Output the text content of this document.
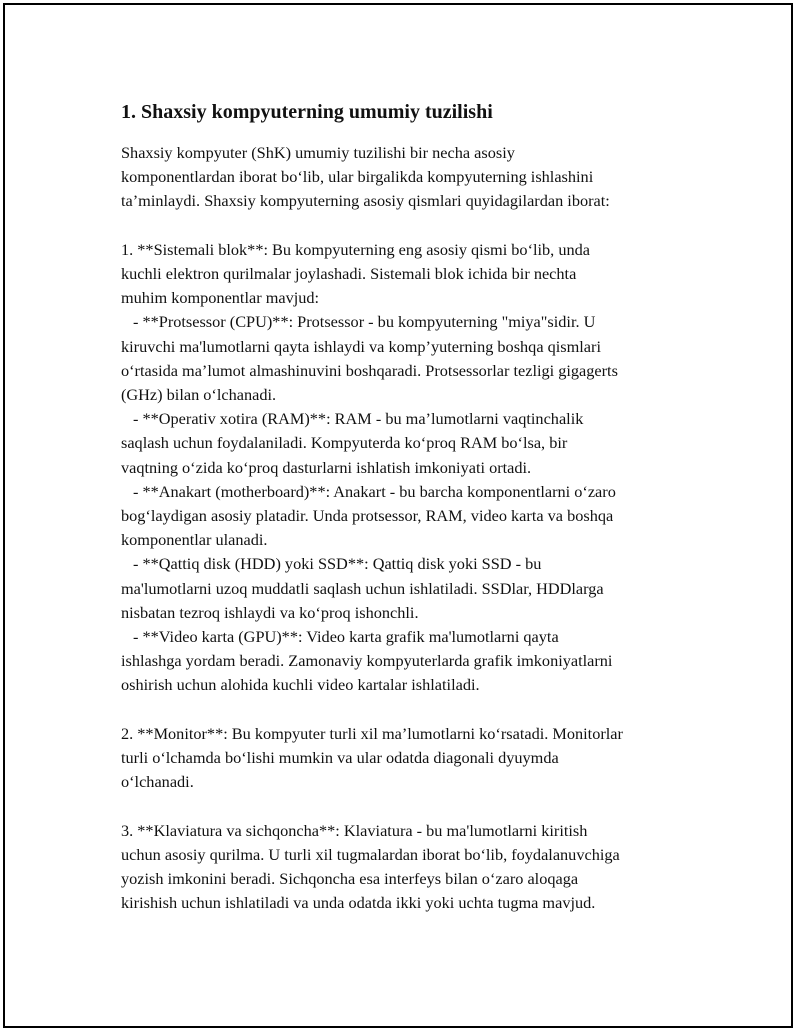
1. Shaxsiy kompyuterning umumiy tuzilishi

Shaxsiy kompyuter (ShK) umumiy tuzilishi bir necha asosiy
komponentlardan iborat bo‘lib, ular birgalikda kompyuterning ishlashini
ta’minlaydi. Shaxsiy kompyuterning asosiy qismlari quyidagilardan iborat:

1. **Sistemali blok**: Bu kompyuterning eng asosiy qismi bo‘lib, unda
kuchli elektron qurilmalar joylashadi. Sistemali blok ichida bir nechta
muhim komponentlar mavjud:
- **Protsessor (CPU)**: Protsessor - bu kompyuterning "miya"sidir. U
kiruvchi ma'lumotlarni qayta ishlaydi va komp’yuterning boshqa qismlari
o‘rtasida ma’lumot almashinuvini boshqaradi. Protsessorlar tezligi gigagerts
(GHz) bilan o‘lchanadi.
- **Operativ xotira (RAM)**: RAM - bu ma’lumotlarni vaqtinchalik
saqlash uchun foydalaniladi. Kompyuterda ko‘proq RAM bo‘lsa, bir
vaqtning o‘zida ko‘proq dasturlarni ishlatish imkoniyati ortadi.
- **Anakart (motherboard)**: Anakart - bu barcha komponentlarni o‘zaro
bog‘laydigan asosiy platadir. Unda protsessor, RAM, video karta va boshqa
komponentlar ulanadi.
- **Qattiq disk (HDD) yoki SSD**: Qattiq disk yoki SSD - bu
ma'lumotlarni uzoq muddatli saqlash uchun ishlatiladi. SSDlar, HDDlarga
nisbatan tezroq ishlaydi va ko‘proq ishonchli.
- **Video karta (GPU)**: Video karta grafik ma'lumotlarni qayta
ishlashga yordam beradi. Zamonaviy kompyuterlarda grafik imkoniyatlarni
oshirish uchun alohida kuchli video kartalar ishlatiladi.
2. **Monitor**: Bu kompyuter turli xil ma’lumotlarni ko‘rsatadi. Monitorlar
turli o‘lchamda bo‘lishi mumkin va ular odatda diagonali dyuymda
o‘lchanadi.
3. **Klaviatura va sichqoncha**: Klaviatura - bu ma'lumotlarni kiritish
uchun asosiy qurilma. U turli xil tugmalardan iborat bo‘lib, foydalanuvchiga
yozish imkonini beradi. Sichqoncha esa interfeys bilan o‘zaro aloqaga
kirishish uchun ishlatiladi va unda odatda ikki yoki uchta tugma mavjud.
